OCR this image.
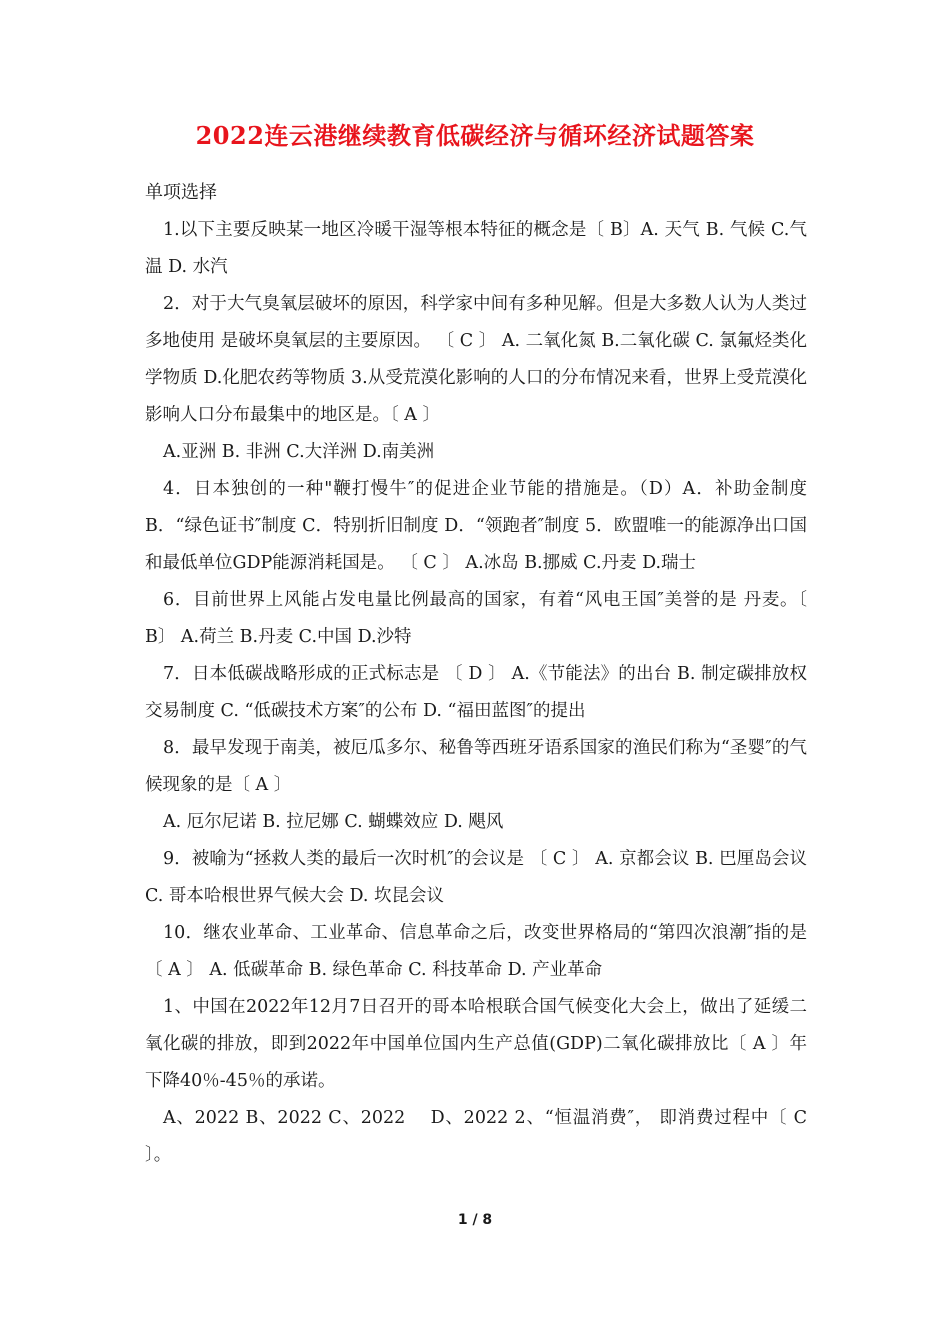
2022连云港继续教育低碳经济与循环经济试题答案
单项选择

1.以下主要反映某一地区冷暖干湿等根本特征的概念是〔 B〕A. 天气 B. 气候 C.气温 D. 水汽

2．对于大气臭氧层破坏的原因，科学家中间有多种见解。但是大多数人认为人类过多地使用 是破坏臭氧层的主要原因。 〔 C 〕 A. 二氧化氮 B.二氧化碳 C. 氯氟烃类化学物质 D.化肥农药等物质 3.从受荒漠化影响的人口的分布情况来看，世界上受荒漠化影响人口分布最集中的地区是。〔 A 〕

A.亚洲 B. 非洲 C.大洋洲 D.南美洲

4．日本独创的一种"鞭打慢牛″的促进企业节能的措施是。（D）A．补助金制度 B．“绿色证书″制度 C．特别折旧制度 D．“领跑者″制度 5．欧盟唯一的能源净出口国和最低单位GDP能源消耗国是。 〔 C 〕 A.冰岛 B.挪威 C.丹麦 D.瑞士

6．目前世界上风能占发电量比例最高的国家，有着“风电王国″美誉的是 丹麦。〔 B〕 A.荷兰 B.丹麦 C.中国 D.沙特

7．日本低碳战略形成的正式标志是 〔 D 〕 A.《节能法》的出台 B. 制定碳排放权交易制度 C. “低碳技术方案″的公布 D. “福田蓝图″的提出

8．最早发现于南美，被厄瓜多尔、秘鲁等西班牙语系国家的渔民们称为“圣婴″的气候现象的是〔 A 〕

A. 厄尔尼诺 B. 拉尼娜 C. 蝴蝶效应 D. 飓风

9．被喻为“拯救人类的最后一次时机″的会议是 〔 C 〕 A. 京都会议 B. 巴厘岛会议 C. 哥本哈根世界气候大会 D. 坎昆会议

10．继农业革命、工业革命、信息革命之后，改变世界格局的“第四次浪潮″指的是〔 A 〕 A. 低碳革命 B. 绿色革命 C. 科技革命 D. 产业革命

1、中国在2022年12月7日召开的哥本哈根联合国气候变化大会上，做出了延缓二氧化碳的排放，即到2022年中国单位国内生产总值(GDP)二氧化碳排放比〔 A 〕年下降40％-45％的承诺。

A、2022 B、2022 C、2022　 D、2022 2、“恒温消费″， 即消费过程中〔 C 〕。

1 / 8
